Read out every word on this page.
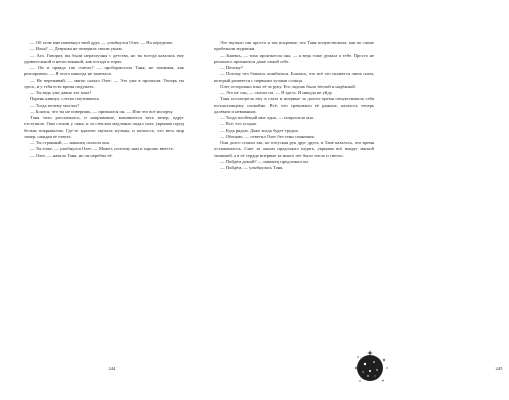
— Об этом мне намекнул твой друг, — улыбнулся Олег. — На переделке.

— Илья? — Девушка не поверила своим ушам.

— Ага. Говорит, вы были неразлучны с детства, но ты всегда казалась ему удивительной и непостоянной, как погода в горах.

— Он и правда так считал? — пробормотала Таня, не понимая, как реагировать. — Я этого никогда не замечала.

— Не переживай, — мягко сказал Олег. — Это уже в прошлом. Теперь ты здесь, и у тебя есть время подумать.

— Ты ведь уже давно это знал?

Парень кивнул, слегка смутившись.

— Тогда почему молчал?

— Боялся, что ты не поверишь, — признался он. — Или что всё испорчу.

Таня тихо рассмеялась, и напряжение, копившееся весь вечер, вдруг отступило. Они стояли у окна, и за стеклом медленно падал снег, укрывая город белым покрывалом. Где-то вдалеке звучала музыка, и казалось, что весь мир замер, ожидая её ответа.

— Ты странный, — наконец сказала она.

— Ты тоже, — улыбнулся Олег. — Может, поэтому нам и хорошо вместе.

— Олег, — начала Таня, но он перебил её.

244	245

Это звучало так просто и так искренне, что Таня почувствовала, как по спине пробежали мурашки.

— Знаешь, — тихо произнесла она, — я ведь тоже думала о тебе. Просто не решалась признаться даже самой себе.

— Почему?

— Потому что боялась ошибиться. Боялась, что всё это окажется лишь сном, который развеется с первыми лучами солнца.

Олег осторожно взял её за руку. Его ладонь была тёплой и надёжной.

— Это не сон, — сказал он. — Я здесь. И никуда не уйду.

Таня посмотрела ему в глаза и впервые за долгое время почувствовала себя по-настоящему спокойно. Всё, что тревожило её раньше, казалось теперь далёким и неважным.

— Тогда пообещай мне одно, — попросила она.

— Всё, что угодно.

— Будь рядом. Даже когда будет трудно.

— Обещаю, — ответил Олег без тени сомнения.

Они долго стояли так, не отпуская рук друг друга, и Тане казалось, что время остановилось. Снег за окном продолжал падать, укрывая всё вокруг мягкой тишиной, а в её сердце впервые за много лет было тепло и светло.

— Пойдём домой? — наконец предложил он.

— Пойдём, — улыбнулась Таня.
